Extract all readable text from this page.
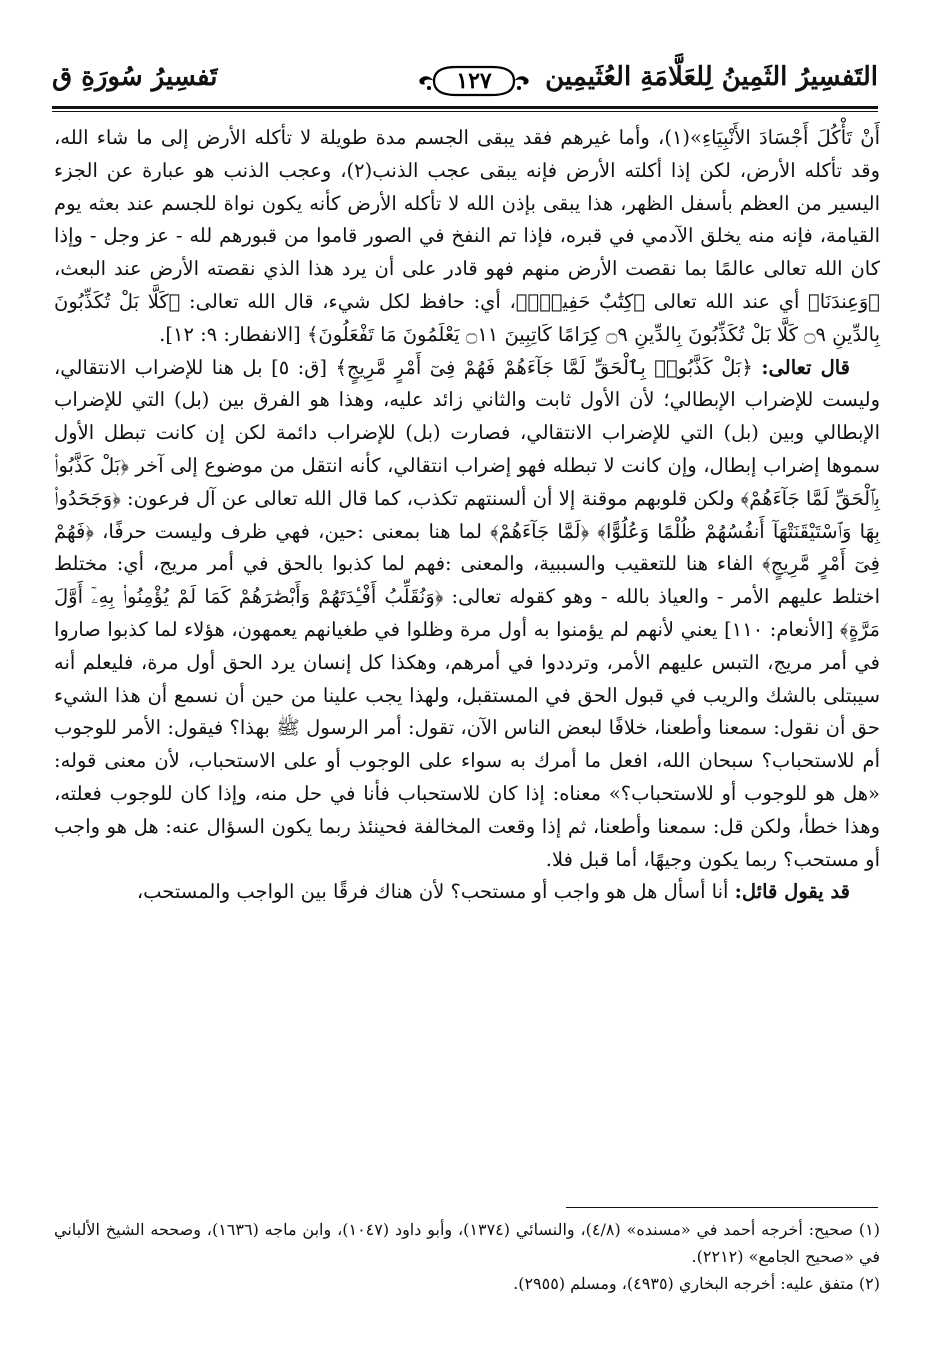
التَفسِيرُ الثَمِينُ لِلعَلَّامَةِ العُثَيمِين
١٢٧
تَفسِيرُ سُورَةِ ق

أَنْ تَأْكُلَ أَجْسَادَ الأَنْبِيَاءِ»(١)، وأما غيرهم فقد يبقى الجسم مدة طويلة لا تأكله الأرض إلى ما شاء الله، وقد تأكله الأرض، لكن إذا أكلته الأرض فإنه يبقى عجب الذنب(٢)، وعجب الذنب هو عبارة عن الجزء اليسير من العظم بأسفل الظهر، هذا يبقى بإذن الله لا تأكله الأرض كأنه يكون نواة للجسم عند بعثه يوم القيامة، فإنه منه يخلق الآدمي في قبره، فإذا تم النفخ في الصور قاموا من قبورهم لله - عز وجل - وإذا كان الله تعالى عالمًا بما نقصت الأرض منهم فهو قادر على أن يرد هذا الذي نقصته الأرض عند البعث، ﴿وَعِندَنَا﴾ أي عند الله تعالى ﴿كِتَٰبٌ حَفِيظٌۢ﴾، أي: حافظ لكل شيء، قال الله تعالى: ﴿كَلَّا بَلْ تُكَذِّبُونَ بِالدِّينِ ۝٩ كَلَّا بَلْ تُكَذِّبُونَ بِالدِّينِ ۝٩ كِرَامًا كَاتِبِينَ ۝١١ يَعْلَمُونَ مَا تَفْعَلُونَ﴾ [الانفطار: ٩: ١٢].

قال تعالى: ﴿بَلْ كَذَّبُوا۟ بِٱلْحَقِّ لَمَّا جَآءَهُمْ فَهُمْ فِىٓ أَمْرٍ مَّرِيجٍ﴾ [ق: ٥] بل هنا للإضراب الانتقالي، وليست للإضراب الإبطالي؛ لأن الأول ثابت والثاني زائد عليه، وهذا هو الفرق بين (بل) التي للإضراب الإبطالي وبين (بل) التي للإضراب الانتقالي، فصارت (بل) للإضراب دائمة لكن إن كانت تبطل الأول سموها إضراب إبطال، وإن كانت لا تبطله فهو إضراب انتقالي، كأنه انتقل من موضوع إلى آخر ﴿بَلْ كَذَّبُوا۟ بِٱلْحَقِّ لَمَّا جَآءَهُمْ﴾ ولكن قلوبهم موقنة إلا أن ألسنتهم تكذب، كما قال الله تعالى عن آل فرعون: ﴿وَجَحَدُوا۟ بِهَا وَٱسْتَيْقَنَتْهَآ أَنفُسُهُمْ ظُلْمًا وَعُلُوًّا﴾ ﴿لَمَّا جَآءَهُمْ﴾ لما هنا بمعنى :حين، فهي ظرف وليست حرفًا، ﴿فَهُمْ فِىٓ أَمْرٍ مَّرِيجٍ﴾ الفاء هنا للتعقيب والسببية، والمعنى :فهم لما كذبوا بالحق في أمر مريج، أي: مختلط اختلط عليهم الأمر - والعياذ بالله - وهو كقوله تعالى: ﴿وَنُقَلِّبُ أَفْـِٔدَتَهُمْ وَأَبْصَٰرَهُمْ كَمَا لَمْ يُؤْمِنُوا۟ بِهِۦٓ أَوَّلَ مَرَّةٍ﴾ [الأنعام: ١١٠] يعني لأنهم لم يؤمنوا به أول مرة وظلوا في طغيانهم يعمهون، هؤلاء لما كذبوا صاروا في أمر مريج، التبس عليهم الأمر، وترددوا في أمرهم، وهكذا كل إنسان يرد الحق أول مرة، فليعلم أنه سيبتلى بالشك والريب في قبول الحق في المستقبل، ولهذا يجب علينا من حين أن نسمع أن هذا الشيء حق أن نقول: سمعنا وأطعنا، خلافًا لبعض الناس الآن، تقول: أمر الرسول ﷺ بهذا؟ فيقول: الأمر للوجوب أم للاستحباب؟ سبحان الله، افعل ما أمرك به سواء على الوجوب أو على الاستحباب، لأن معنى قوله: «هل هو للوجوب أو للاستحباب؟» معناه: إذا كان للاستحباب فأنا في حل منه، وإذا كان للوجوب فعلته، وهذا خطأ، ولكن قل: سمعنا وأطعنا، ثم إذا وقعت المخالفة فحينئذ ربما يكون السؤال عنه: هل هو واجب أو مستحب؟ ربما يكون وجيهًا، أما قبل فلا.

قد يقول قائل: أنا أسأل هل هو واجب أو مستحب؟ لأن هناك فرقًا بين الواجب والمستحب،

(١) صحيح: أخرجه أحمد في «مسنده» (٤/٨)، والنسائي (١٣٧٤)، وأبو داود (١٠٤٧)، وابن ماجه (١٦٣٦)، وصححه الشيخ الألباني في «صحيح الجامع» (٢٢١٢).

(٢) متفق عليه: أخرجه البخاري (٤٩٣٥)، ومسلم (٢٩٥٥).
